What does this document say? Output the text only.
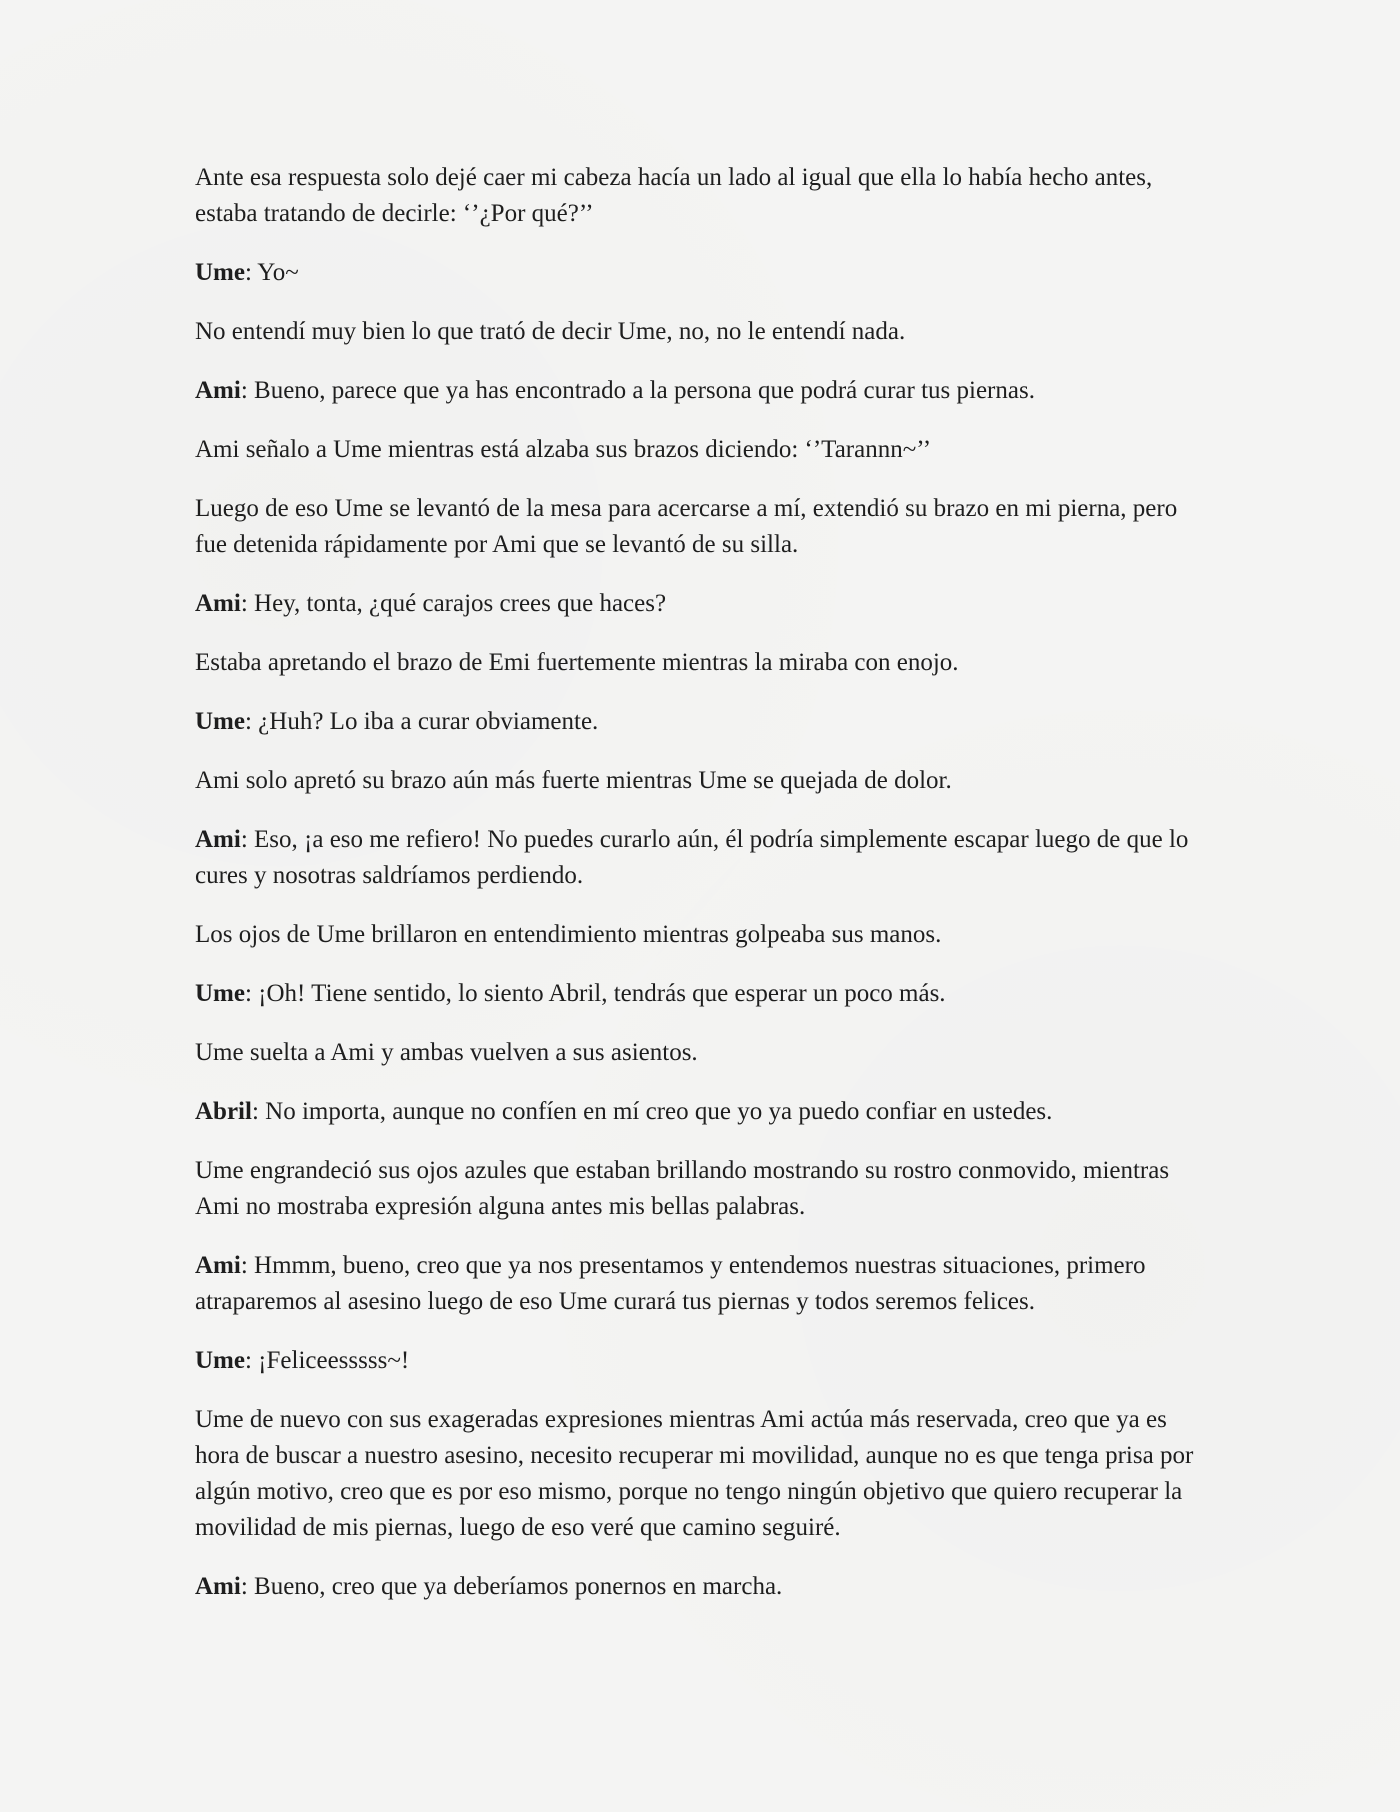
Ante esa respuesta solo dejé caer mi cabeza hacía un lado al igual que ella lo había hecho antes, estaba tratando de decirle: ‘’¿Por qué?’’

Ume: Yo~

No entendí muy bien lo que trató de decir Ume, no, no le entendí nada.

Ami: Bueno, parece que ya has encontrado a la persona que podrá curar tus piernas.

Ami señalo a Ume mientras está alzaba sus brazos diciendo: ‘’Tarannn~’’

Luego de eso Ume se levantó de la mesa para acercarse a mí, extendió su brazo en mi pierna, pero fue detenida rápidamente por Ami que se levantó de su silla.

Ami: Hey, tonta, ¿qué carajos crees que haces?

Estaba apretando el brazo de Emi fuertemente mientras la miraba con enojo.

Ume: ¿Huh? Lo iba a curar obviamente.

Ami solo apretó su brazo aún más fuerte mientras Ume se quejada de dolor.

Ami: Eso, ¡a eso me refiero! No puedes curarlo aún, él podría simplemente escapar luego de que lo cures y nosotras saldríamos perdiendo.

Los ojos de Ume brillaron en entendimiento mientras golpeaba sus manos.

Ume: ¡Oh! Tiene sentido, lo siento Abril, tendrás que esperar un poco más.

Ume suelta a Ami y ambas vuelven a sus asientos.

Abril: No importa, aunque no confíen en mí creo que yo ya puedo confiar en ustedes.

Ume engrandeció sus ojos azules que estaban brillando mostrando su rostro conmovido, mientras Ami no mostraba expresión alguna antes mis bellas palabras.

Ami: Hmmm, bueno, creo que ya nos presentamos y entendemos nuestras situaciones, primero atraparemos al asesino luego de eso Ume curará tus piernas y todos seremos felices.

Ume: ¡Feliceesssss~!

Ume de nuevo con sus exageradas expresiones mientras Ami actúa más reservada, creo que ya es hora de buscar a nuestro asesino, necesito recuperar mi movilidad, aunque no es que tenga prisa por algún motivo, creo que es por eso mismo, porque no tengo ningún objetivo que quiero recuperar la movilidad de mis piernas, luego de eso veré que camino seguiré.

Ami: Bueno, creo que ya deberíamos ponernos en marcha.
